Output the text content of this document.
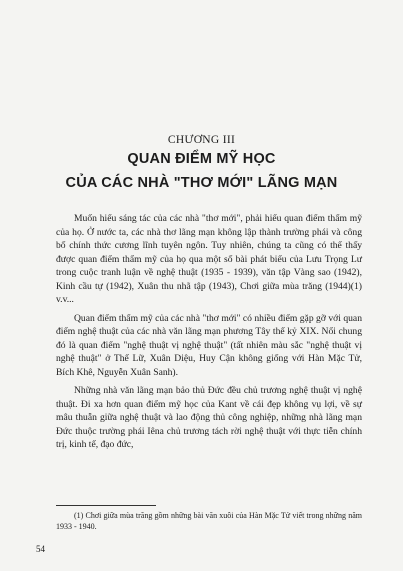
CHƯƠNG III
QUAN ĐIỂM MỸ HỌC
CỦA CÁC NHÀ "THƠ MỚI" LÃNG MẠN

Muốn hiểu sáng tác của các nhà "thơ mới", phải hiểu quan điểm thẩm mỹ của họ. Ở nước ta, các nhà thơ lãng mạn không lập thành trường phái và công bố chính thức cương lĩnh tuyên ngôn. Tuy nhiên, chúng ta cũng có thể thấy được quan điểm thẩm mỹ của họ qua một số bài phát biểu của Lưu Trọng Lư trong cuộc tranh luận về nghệ thuật (1935 - 1939), văn tập Vàng sao (1942), Kinh cầu tự (1942), Xuân thu nhã tập (1943), Chơi giữa mùa trăng (1944)(1) v.v...

Quan điểm thẩm mỹ của các nhà "thơ mới" có nhiều điểm gặp gỡ với quan điểm nghệ thuật của các nhà văn lãng mạn phương Tây thế kỷ XIX. Nổi chung đó là quan điểm "nghệ thuật vị nghệ thuật" (tất nhiên màu sắc "nghệ thuật vị nghệ thuật" ở Thế Lữ, Xuân Diệu, Huy Cận không giống với Hàn Mặc Tử, Bích Khê, Nguyễn Xuân Sanh).

Những nhà văn lãng mạn bảo thủ Đức đều chủ trương nghệ thuật vị nghệ thuật. Đi xa hơn quan điểm mỹ học của Kant về cái đẹp không vụ lợi, về sự mâu thuẫn giữa nghệ thuật và lao động thủ công nghiệp, những nhà lãng mạn Đức thuộc trường phái Iêna chủ trương tách rời nghệ thuật với thực tiễn chính trị, kinh tế, đạo đức,

(1) Chơi giữa mùa trăng gồm những bài văn xuôi của Hàn Mặc Tử viết trong những năm 1933 - 1940.
54
